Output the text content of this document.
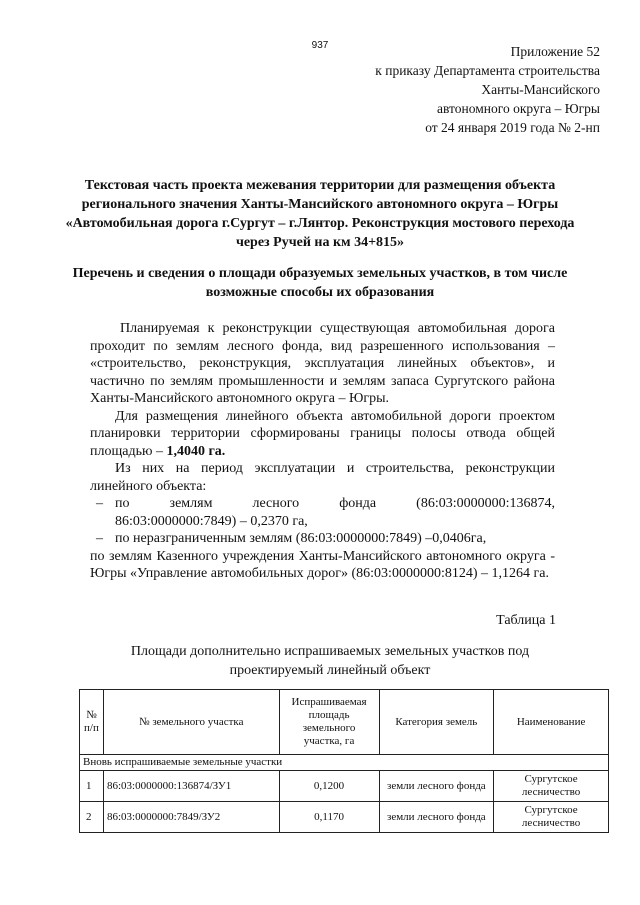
937	Приложение 52
к приказу Департамента строительства
Ханты-Мансийского
автономного округа – Югры
от 24 января 2019 года № 2-нп
Текстовая часть проекта межевания территории для размещения объекта регионального значения Ханты-Мансийского автономного округа – Югры «Автомобильная дорога г.Сургут – г.Лянтор. Реконструкция мостового перехода через Ручей на км 34+815»
Перечень и сведения о площади образуемых земельных участков, в том числе возможные способы их образования

Планируемая к реконструкции существующая автомобильная дорога проходит по землям лесного фонда, вид разрешенного использования – «строительство, реконструкция, эксплуатация линейных объектов», и частично по землям промышленности и землям запаса Сургутского района Ханты-Мансийского автономного округа – Югры.

Для размещения линейного объекта автомобильной дороги проектом планировки территории сформированы границы полосы отвода общей площадью – 1,4040 га.

Из них на период эксплуатации и строительства, реконструкции линейного объекта:

– по землям лесного фонда (86:03:0000000:136874,

86:03:0000000:7849) – 0,2370 га,

– по неразграниченным землям (86:03:0000000:7849) –0,0406га,

по землям Казенного учреждения Ханты-Мансийского автономного округа - Югры «Управление автомобильных дорог» (86:03:0000000:8124) – 1,1264 га.

Таблица 1
Площади дополнительно испрашиваемых земельных участков под проектируемый линейный объект
№ п/п	№ земельного участка	Испрашиваемая площадь земельного участка, га	Категория земель	Наименование
Вновь испрашиваемые земельные участки				
1	86:03:0000000:136874/ЗУ1	0,1200	земли лесного фонда	Сургутское лесничество
2	86:03:0000000:7849/ЗУ2	0,1170	земли лесного фонда	Сургутское лесничество
